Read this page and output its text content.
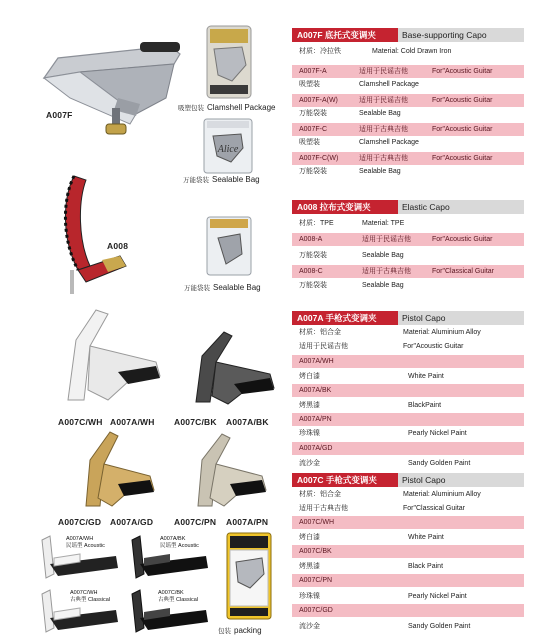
A007F
吸塑包装 Clamshell Package
Alice
万能袋装 Sealable Bag
A008
万能袋装 Sealable Bag
A007C/WH A007A/WH A007C/BK A007A/BK
A007C/GD A007A/GD A007C/PN A007A/PN
A007A/WH
民谣型 Acoustic
A007A/BK
民谣型 Acoustic
A007C/WH
古典型 Classical
A007C/BK
古典型 Classical
包装 packing
A007F 底托式变调夹	Base-supporting Capo
材质：冷拉铁	Material: Cold Drawn Iron
A007F-A	适用于民谣吉他	For"Acoustic Guitar
吸塑装	Clamshell Package
A007F-A(W)	适用于民谣吉他	For"Acoustic Guitar
万能袋装	Sealable Bag
A007F-C	适用于古典吉他	For"Acoustic Guitar
吸塑装	Clamshell Package
A007F-C(W)	适用于古典吉他	For"Acoustic Guitar
万能袋装	Sealable Bag
A008 拉布式变调夹	Elastic Capo
材质：TPE	Material: TPE
A008-A	适用于民谣吉他	For"Acoustic Guitar
万能袋装	Sealable Bag
A008-C	适用于古典吉他	For"Classical Guitar
万能袋装	Sealable Bag
A007A 手枪式变调夹	Pistol Capo
材质：铝合金	Material: Aluminium Alloy
适用于民谣吉他	For"Acoustic Guitar
A007A/WH
烤白漆	White Paint
A007A/BK
烤黑漆	BlackPaint
A007A/PN
珍珠镍	Pearly Nickel Paint
A007A/GD
流沙金	Sandy Golden Paint
A007C 手枪式变调夹	Pistol Capo
材质：铝合金	Material: Aluminium Alloy
适用于古典吉他	For"Classical Guitar
A007C/WH
烤白漆	White Paint
A007C/BK
烤黑漆	Black Paint
A007C/PN
珍珠镍	Pearly Nickel Paint
A007C/GD
流沙金	Sandy Golden Paint
